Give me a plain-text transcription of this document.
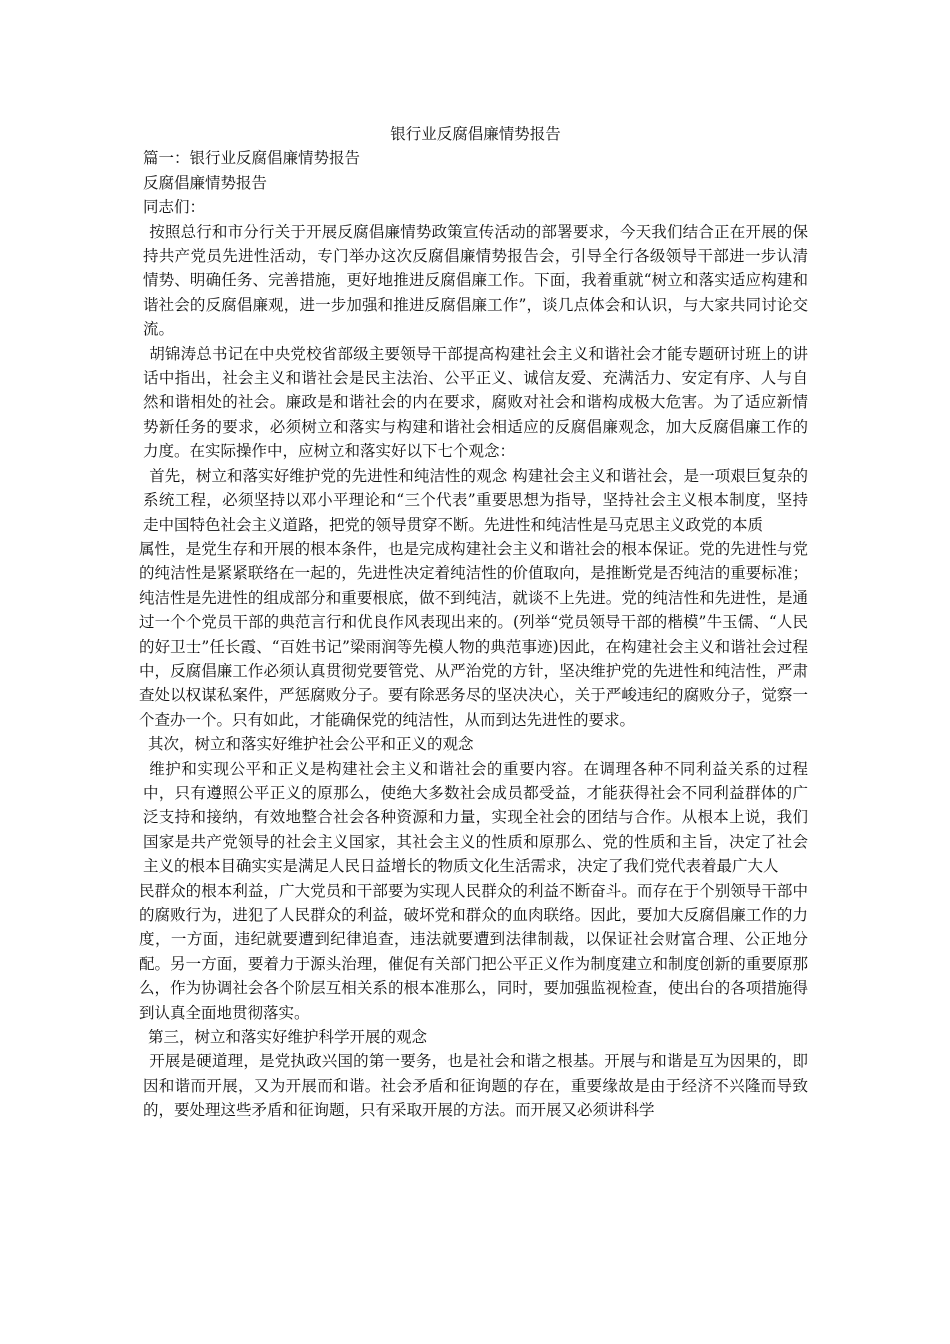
银行业反腐倡廉情势报告
篇一：银行业反腐倡廉情势报告
反腐倡廉情势报告
同志们：
按照总行和市分行关于开展反腐倡廉情势政策宣传活动的部署要求，今天我们结合正在开展的保持共产党员先进性活动，专门举办这次反腐倡廉情势报告会，引导全行各级领导干部进一步认清情势、明确任务、完善措施，更好地推进反腐倡廉工作。下面，我着重就“树立和落实适应构建和谐社会的反腐倡廉观，进一步加强和推进反腐倡廉工作”，谈几点体会和认识，与大家共同讨论交流。
胡锦涛总书记在中央党校省部级主要领导干部提高构建社会主义和谐社会才能专题研讨班上的讲话中指出，社会主义和谐社会是民主法治、公平正义、诚信友爱、充满活力、安定有序、人与自然和谐相处的社会。廉政是和谐社会的内在要求，腐败对社会和谐构成极大危害。为了适应新情势新任务的要求，必须树立和落实与构建和谐社会相适应的反腐倡廉观念，加大反腐倡廉工作的力度。在实际操作中，应树立和落实好以下七个观念：
首先，树立和落实好维护党的先进性和纯洁性的观念 构建社会主义和谐社会，是一项艰巨复杂的系统工程，必须坚持以邓小平理论和“三个代表”重要思想为指导，坚持社会主义根本制度，坚持走中国特色社会主义道路，把党的领导贯穿不断。先进性和纯洁性是马克思主义政党的本质
属性，是党生存和开展的根本条件，也是完成构建社会主义和谐社会的根本保证。党的先进性与党的纯洁性是紧紧联络在一起的，先进性决定着纯洁性的价值取向，是推断党是否纯洁的重要标准；纯洁性是先进性的组成部分和重要根底，做不到纯洁，就谈不上先进。党的纯洁性和先进性，是通过一个个党员干部的典范言行和优良作风表现出来的。(列举“党员领导干部的楷模”牛玉儒、“人民的好卫士”任长霞、“百姓书记”梁雨润等先模人物的典范事迹)因此，在构建社会主义和谐社会过程中，反腐倡廉工作必须认真贯彻党要管党、从严治党的方针，坚决维护党的先进性和纯洁性，严肃查处以权谋私案件，严惩腐败分子。要有除恶务尽的坚决决心，关于严峻违纪的腐败分子，觉察一个查办一个。只有如此，才能确保党的纯洁性，从而到达先进性的要求。
其次，树立和落实好维护社会公平和正义的观念
维护和实现公平和正义是构建社会主义和谐社会的重要内容。在调理各种不同利益关系的过程中，只有遵照公平正义的原那么，使绝大多数社会成员都受益，才能获得社会不同利益群体的广泛支持和接纳，有效地整合社会各种资源和力量，实现全社会的团结与合作。从根本上说，我们国家是共产党领导的社会主义国家，其社会主义的性质和原那么、党的性质和主旨，决定了社会主义的根本目确实实是满足人民日益增长的物质文化生活需求，决定了我们党代表着最广大人
民群众的根本利益，广大党员和干部要为实现人民群众的利益不断奋斗。而存在于个别领导干部中的腐败行为，进犯了人民群众的利益，破坏党和群众的血肉联络。因此，要加大反腐倡廉工作的力度，一方面，违纪就要遭到纪律追查，违法就要遭到法律制裁，以保证社会财富合理、公正地分配。另一方面，要着力于源头治理，催促有关部门把公平正义作为制度建立和制度创新的重要原那么，作为协调社会各个阶层互相关系的根本准那么，同时，要加强监视检查，使出台的各项措施得到认真全面地贯彻落实。
第三，树立和落实好维护科学开展的观念
开展是硬道理，是党执政兴国的第一要务，也是社会和谐之根基。开展与和谐是互为因果的，即因和谐而开展，又为开展而和谐。社会矛盾和征询题的存在，重要缘故是由于经济不兴隆而导致的，要处理这些矛盾和征询题，只有采取开展的方法。而开展又必须讲科学
